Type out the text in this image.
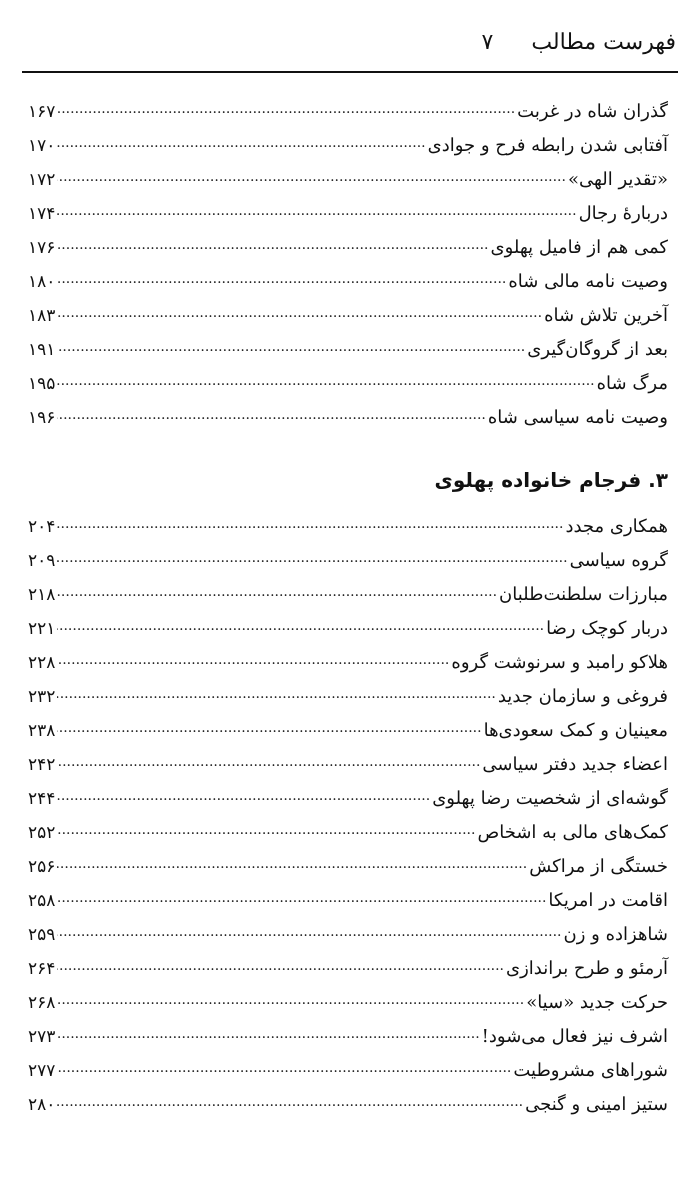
فهرست مطالب
۷
گذران شاه در غربت
.....
۱۶۷
آفتابی شدن رابطه فرح و جوادی
.....
۱۷۰
«تقدیر الهی»
.....
۱۷۲
دربارهٔ رجال
.....
۱۷۴
کمی هم از فامیل پهلوی
.....
۱۷۶
وصیت نامه مالی شاه
.....
۱۸۰
آخرین تلاش شاه
.....
۱۸۳
بعد از گروگان‌گیری
.....
۱۹۱
مرگ شاه
.....
۱۹۵
وصیت نامه سیاسی شاه
.....
۱۹۶
۳. فرجام خانواده پهلوی
همکاری مجدد
.....
۲۰۴
گروه سیاسی
.....
۲۰۹
مبارزات سلطنت‌طلبان
.....
۲۱۸
دربار کوچک رضا
.....
۲۲۱
هلاکو رامبد و سرنوشت گروه
.....
۲۲۸
فروغی و سازمان جدید
.....
۲۳۲
معینیان و کمک سعودی‌ها
.....
۲۳۸
اعضاء جدید دفتر سیاسی
.....
۲۴۲
گوشه‌ای از شخصیت رضا پهلوی
.....
۲۴۴
کمک‌های مالی به اشخاص
.....
۲۵۲
خستگی از مراکش
.....
۲۵۶
اقامت در امریکا
.....
۲۵۸
شاهزاده و زن
.....
۲۵۹
آرمئو و طرح براندازی
.....
۲۶۴
حرکت جدید «سیا»
.....
۲۶۸
اشرف نیز فعال می‌شود!
.....
۲۷۳
شوراهای مشروطیت
.....
۲۷۷
ستیز امینی و گنجی
.....
۲۸۰
